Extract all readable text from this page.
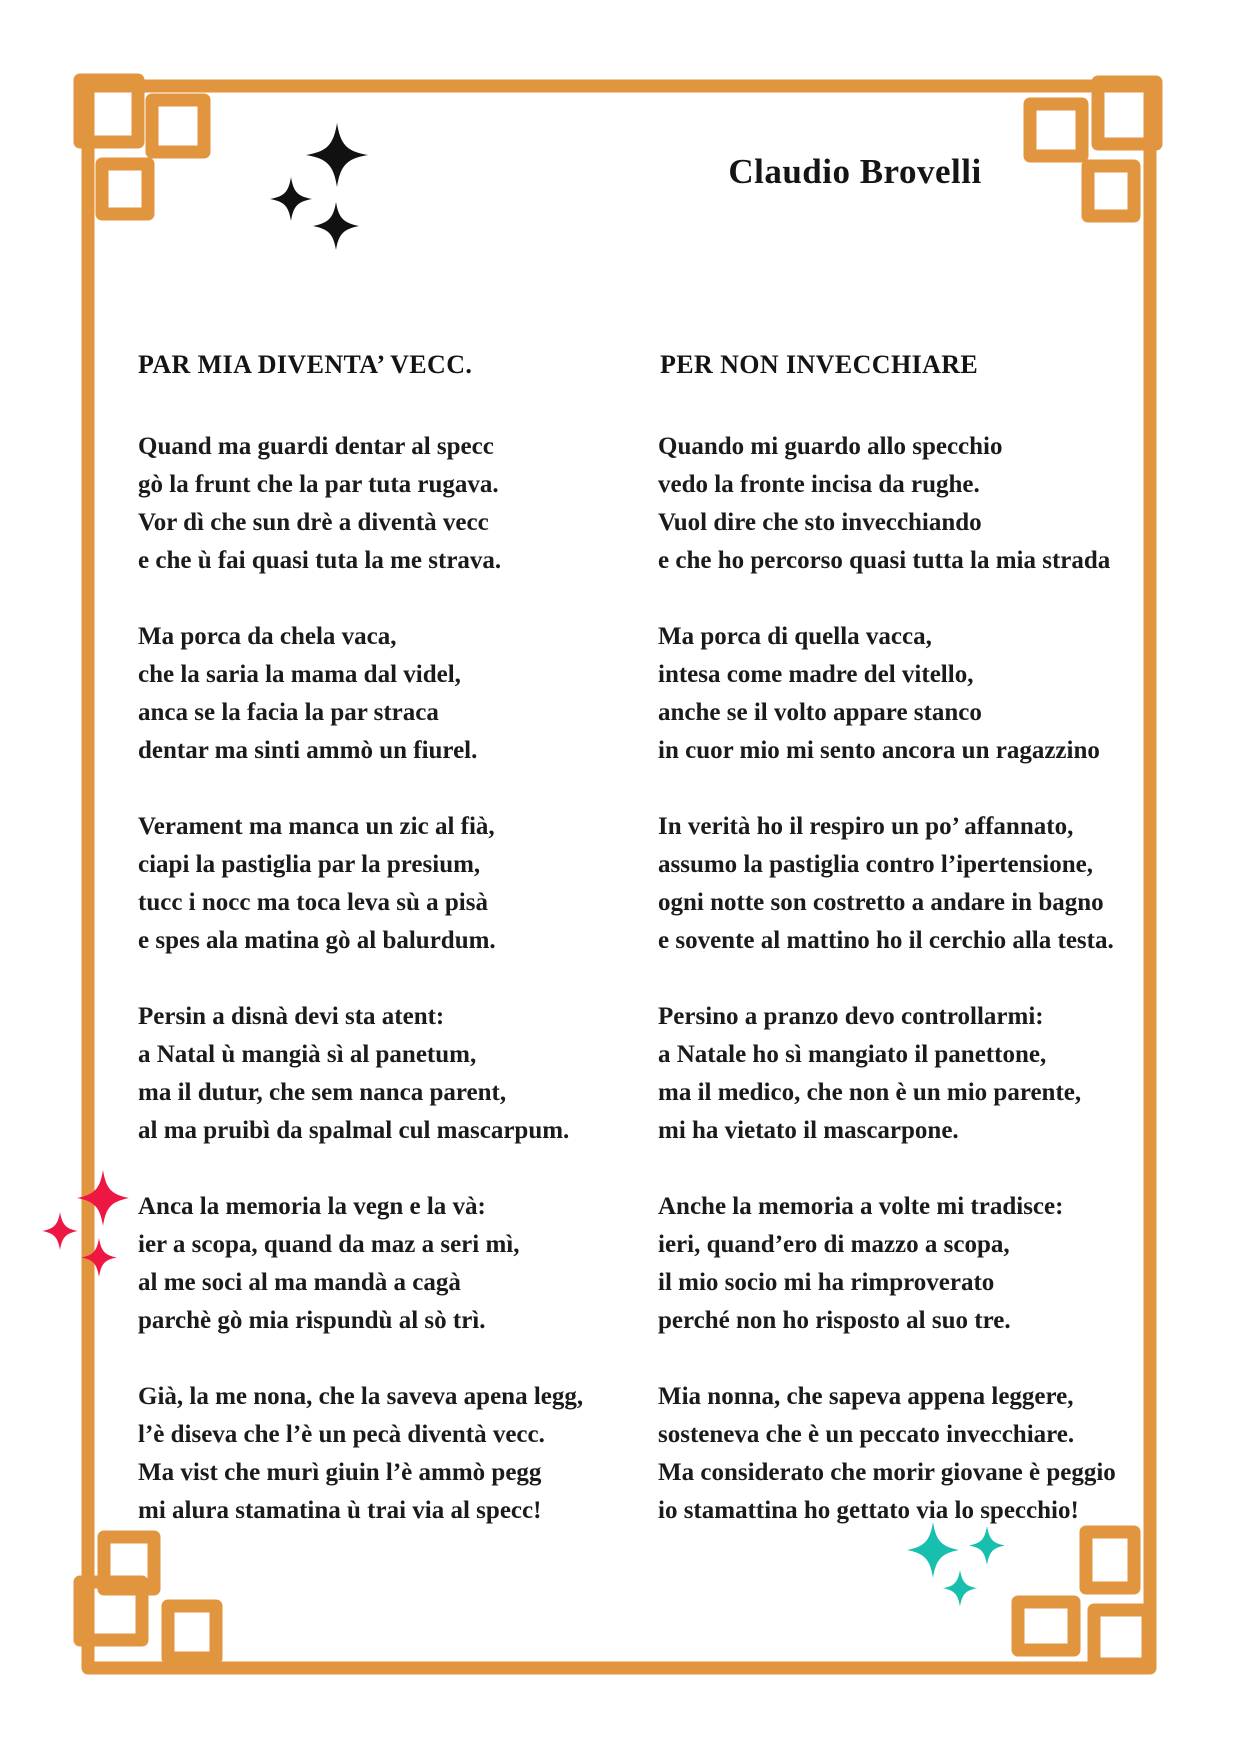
Claudio Brovelli
PAR MIA DIVENTA’ VECC.	PER NON INVECCHIARE
Quand ma guardi dentar al specc
gò la frunt che la par tuta rugava.
Vor dì che sun drè a diventà vecc
e che ù fai quasi tuta la me strava.
Ma porca da chela vaca,
che la saria la mama dal videl,
anca se la facia la par straca
dentar ma sinti ammò un fiurel.
Verament ma manca un zic al fià,
ciapi la pastiglia par la presium,
tucc i nocc ma toca leva sù a pisà
e spes ala matina gò al balurdum.
Persin a disnà devi sta atent:
a Natal ù mangià sì al panetum,
ma il dutur, che sem nanca parent,
al ma pruibì da spalmal cul mascarpum.
Anca la memoria la vegn e la và:
ier a scopa, quand da maz a seri mì,
al me soci al ma mandà a cagà
parchè gò mia rispundù al sò trì.
Già, la me nona, che la saveva apena legg,
l’è diseva che l’è un pecà diventà vecc.
Ma vist che murì giuin l’è ammò pegg
mi alura stamatina ù trai via al specc!
Quando mi guardo allo specchio
vedo la fronte incisa da rughe.
Vuol dire che sto invecchiando
e che ho percorso quasi tutta la mia strada
Ma porca di quella vacca,
intesa come madre del vitello,
anche se il volto appare stanco
in cuor mio mi sento ancora un ragazzino
In verità ho il respiro un po’ affannato,
assumo la pastiglia contro l’ipertensione,
ogni notte son costretto a andare in bagno
e sovente al mattino ho il cerchio alla testa.
Persino a pranzo devo controllarmi:
a Natale ho sì mangiato il panettone,
ma il medico, che non è un mio parente,
mi ha vietato il mascarpone.
Anche la memoria a volte mi tradisce:
ieri, quand’ero di mazzo a scopa,
il mio socio mi ha rimproverato
perché non ho risposto al suo tre.
Mia nonna, che sapeva appena leggere,
sosteneva che è un peccato invecchiare.
Ma considerato che morir giovane è peggio
io stamattina ho gettato via lo specchio!
